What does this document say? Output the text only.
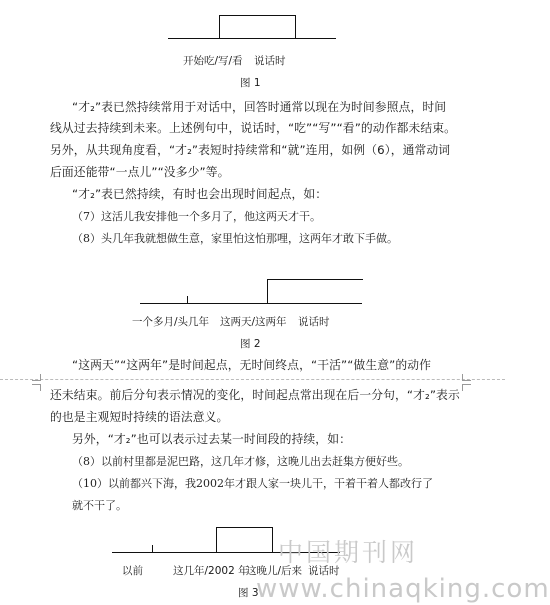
开始吃/写/看 说话时
图 1
“才₂”表已然持续常用于对话中，回答时通常以现在为时间参照点，时间
线从过去持续到未来。上述例句中，说话时，“吃”“写”“看”的动作都未结束。
另外，从共现角度看，“才₂”表短时持续常和“就”连用，如例（6），通常动词
后面还能带“一点儿”“没多少”等。
“才₂”表已然持续，有时也会出现时间起点，如：
（7）这活儿我安排他一个多月了，他这两天才干。
（8）头几年我就想做生意，家里怕这怕那哩，这两年才敢下手做。
一个多月/头几年 这两天/这两年 说话时
图 2
“这两天”“这两年”是时间起点，无时间终点，“干活”“做生意”的动作
还未结束。前后分句表示情况的变化，时间起点常出现在后一分句，“才₂”表示
的也是主观短时持续的语法意义。
另外，“才₂”也可以表示过去某一时间段的持续，如：
（8）以前村里都是泥巴路，这几年才修，这晚儿出去赶集方便好些。
（10）以前都兴下海，我2002年才跟人家一块儿干，干着干着人都改行了
就不干了。
以前	这几年/2002 年
这晚儿/后来 说话时
图 3
中国期刊网
www.chinaqking.com
